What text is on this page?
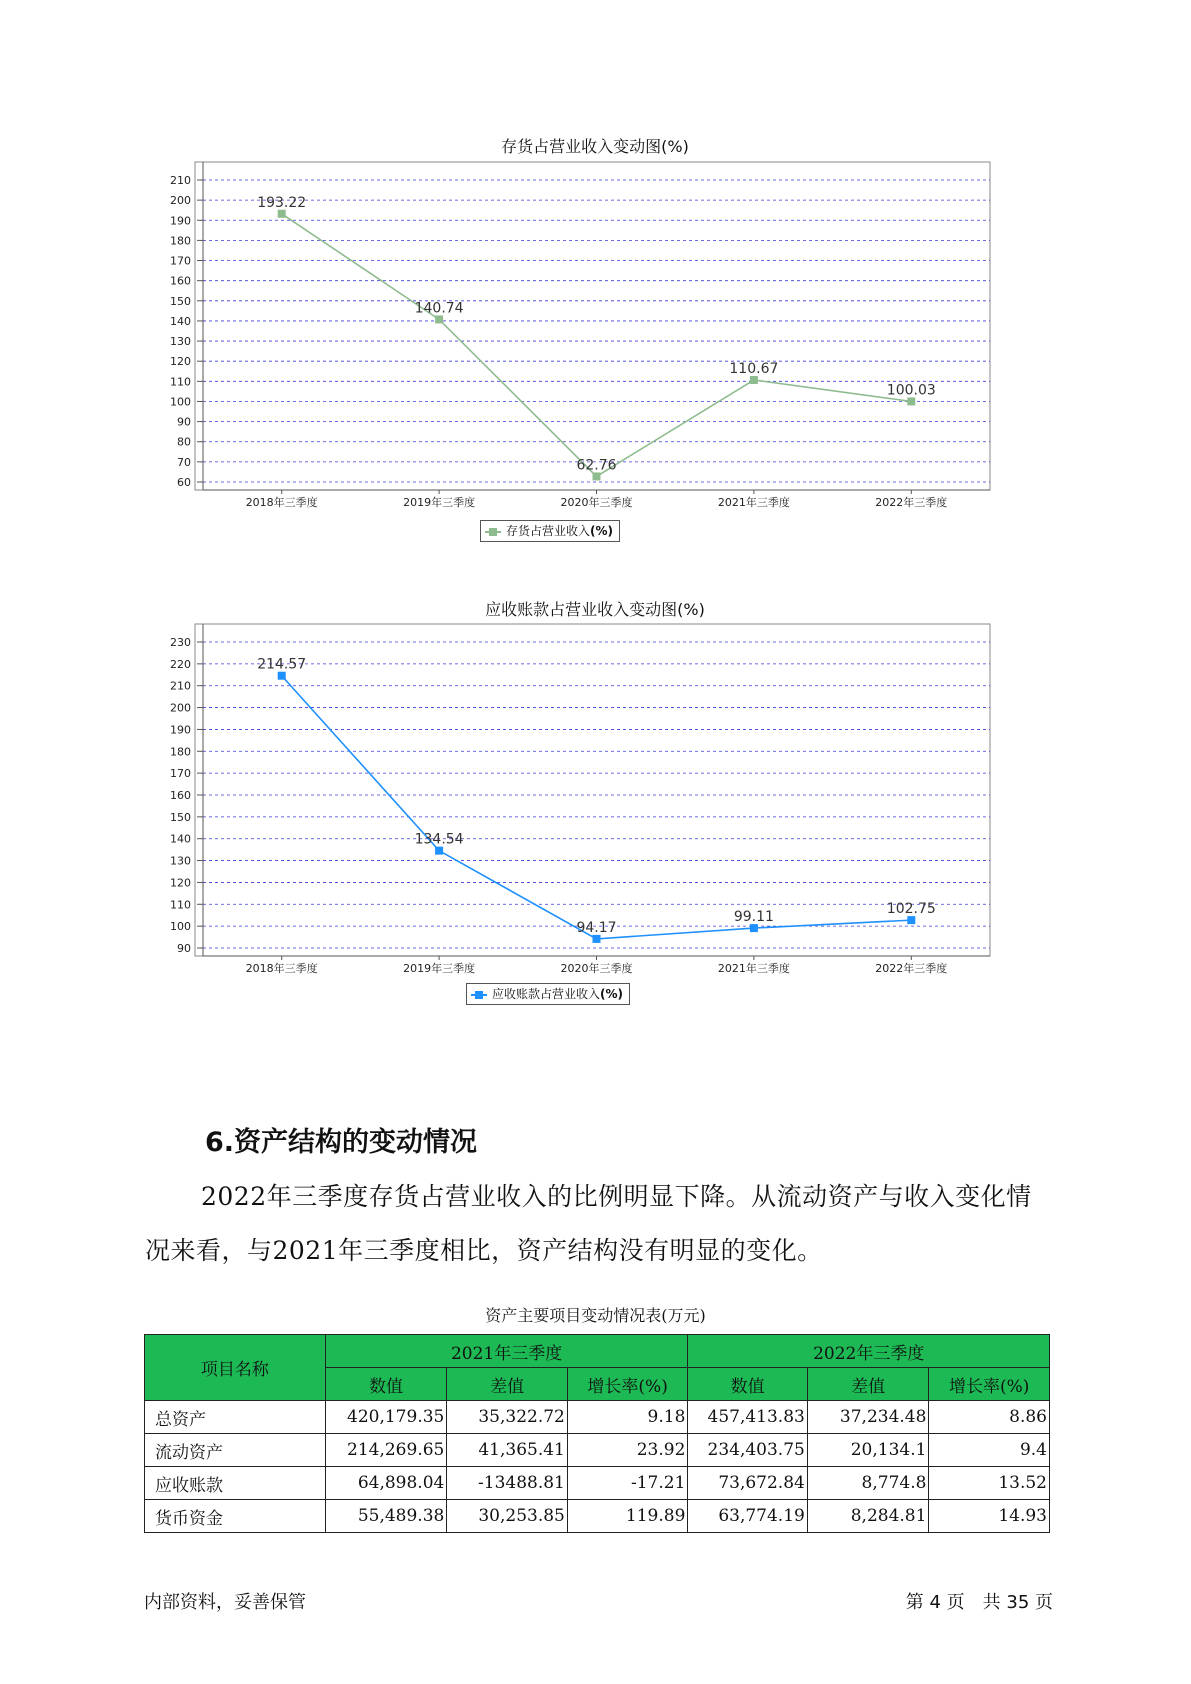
存货占营业收入变动图(%)
60
70
80
90
100
110
120
130
140
150
160
170
180
190
200
210
2018年三季度	2019年三季度	2020年三季度	2021年三季度	2022年三季度
193.22
140.74
62.76
110.67
100.03
存货占营业收入(%)
应收账款占营业收入变动图(%)
90
100
110
120
130
140
150
160
170
180
190
200
210
220
230
2018年三季度	2019年三季度	2020年三季度	2021年三季度	2022年三季度
214.57
134.54
94.17
99.11	102.75
应收账款占营业收入(%)
6.资产结构的变动情况

2022年三季度存货占营业收入的比例明显下降。从流动资产与收入变化情况来看，与2021年三季度相比，资产结构没有明显的变化。

资产主要项目变动情况表(万元)
项目名称	2021年三季度			2022年三季度		
	数值	差值	增长率(%)	数值	差值	增长率(%)
总资产	420,179.35	35,322.72	9.18	457,413.83	37,234.48	8.86
流动资产	214,269.65	41,365.41	23.92	234,403.75	20,134.1	9.4
应收账款	64,898.04	-13488.81	-17.21	73,672.84	8,774.8	13.52
货币资金	55,489.38	30,253.85	119.89	63,774.19	8,284.81	14.93
内部资料，妥善保管	第 4 页　共 35 页
